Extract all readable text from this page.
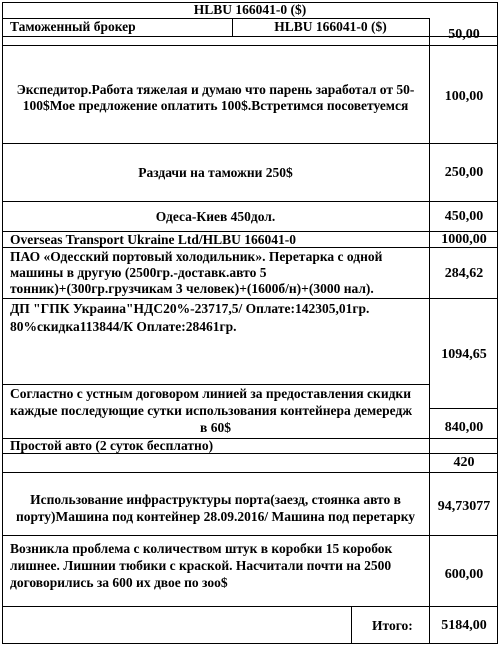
HLBU 166041-0 ($)
Таможенный брокер	HLBU 166041-0 ($)
50,00
Экспедитор.Работа тяжелая и думаю что парень заработал от 50-
100$Мое предложение оплатить 100$.Встретимся посоветуемся
100,00
Раздачи на таможни 250$	250,00
Одеса-Киев 450дол.	450,00
Overseas Transport Ukraine Ltd/HLBU 166041-0	1000,00
ПАО «Одесский портовый холодильник». Перетарка с одной
машины в другую (2500гр.-доставк.авто 5
тонник)+(300гр.грузчикам 3 человек)+(1600б/н)+(3000 нал).
284,62
ДП "ГПК Украина"НДС20%-23717,5/ Оплате:142305,01гр.
80%скидка113844/К Оплате:28461гр.
1094,65
Согластно с устным договором линией за предоставления скидки
каждые последующие сутки использования контейнера демередж
в 60$	840,00
Простой авто (2 суток бесплатно)
420
Использование инфраструктуры порта(заезд, стоянка авто в
порту)Машина под контейнер 28.09.2016/ Машина под перетарку
94,73077
Возникла проблема с количеством штук в коробки 15 коробок
лишнее. Лишнии тюбики с краской. Насчитали почти на 2500
договорились за 600 их двое по зоо$
600,00
Итого:	5184,00
